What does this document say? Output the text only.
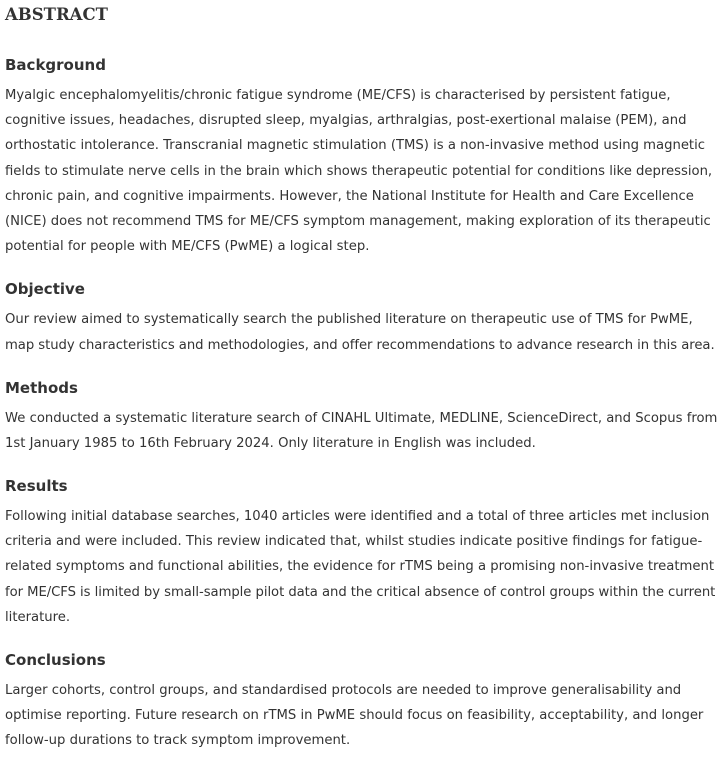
ABSTRACT
Background

Myalgic encephalomyelitis/chronic fatigue syndrome (ME/CFS) is characterised by persistent fatigue,
cognitive issues, headaches, disrupted sleep, myalgias, arthralgias, post-exertional malaise (PEM), and
orthostatic intolerance. Transcranial magnetic stimulation (TMS) is a non-invasive method using magnetic
fields to stimulate nerve cells in the brain which shows therapeutic potential for conditions like depression,
chronic pain, and cognitive impairments. However, the National Institute for Health and Care Excellence
(NICE) does not recommend TMS for ME/CFS symptom management, making exploration of its therapeutic
potential for people with ME/CFS (PwME) a logical step.

Objective

Our review aimed to systematically search the published literature on therapeutic use of TMS for PwME,
map study characteristics and methodologies, and offer recommendations to advance research in this area.

Methods

We conducted a systematic literature search of CINAHL Ultimate, MEDLINE, ScienceDirect, and Scopus from
1st January 1985 to 16th February 2024. Only literature in English was included.

Results

Following initial database searches, 1040 articles were identified and a total of three articles met inclusion
criteria and were included. This review indicated that, whilst studies indicate positive findings for fatigue-
related symptoms and functional abilities, the evidence for rTMS being a promising non-invasive treatment
for ME/CFS is limited by small-sample pilot data and the critical absence of control groups within the current
literature.

Conclusions

Larger cohorts, control groups, and standardised protocols are needed to improve generalisability and
optimise reporting. Future research on rTMS in PwME should focus on feasibility, acceptability, and longer
follow-up durations to track symptom improvement.
